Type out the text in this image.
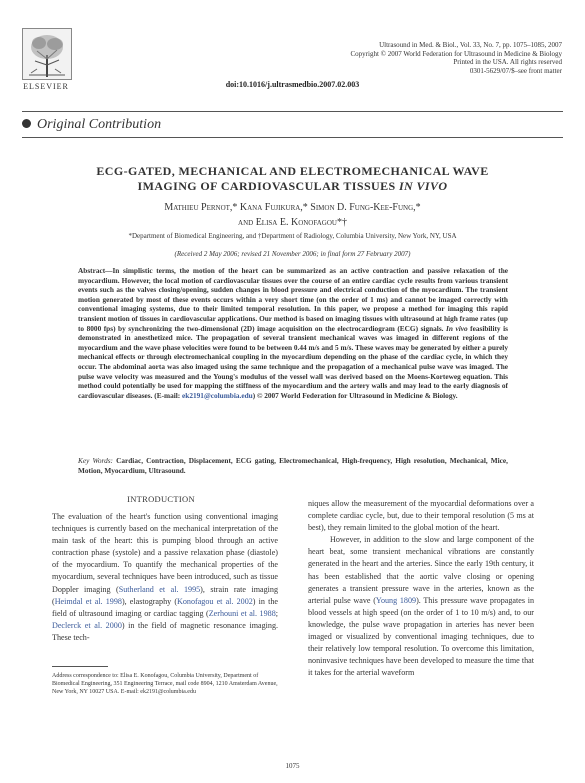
ELSEVIER
Ultrasound in Med. & Biol., Vol. 33, No. 7, pp. 1075–1085, 2007
Copyright © 2007 World Federation for Ultrasound in Medicine & Biology
Printed in the USA. All rights reserved
0301-5629/07/$–see front matter
doi:10.1016/j.ultrasmedbio.2007.02.003
Original Contribution
ECG-GATED, MECHANICAL AND ELECTROMECHANICAL WAVE
IMAGING OF CARDIOVASCULAR TISSUES IN VIVO
Mathieu Pernot,* Kana Fujikura,* Simon D. Fung-Kee-Fung,*
and Elisa E. Konofagou*†
*Department of Biomedical Engineering, and †Department of Radiology, Columbia University, New York, NY, USA
(Received 2 May 2006; revised 21 November 2006; in final form 27 February 2007)
Abstract—In simplistic terms, the motion of the heart can be summarized as an active contraction and passive relaxation of the myocardium. However, the local motion of cardiovascular tissues over the course of an entire cardiac cycle results from various transient events such as the valves closing/opening, sudden changes in blood pressure and electrical conduction of the myocardium. The transient motion generated by most of these events occurs within a very short time (on the order of 1 ms) and cannot be imaged correctly with conventional imaging systems, due to their limited temporal resolution. In this paper, we propose a method for imaging this rapid transient motion of tissues in cardiovascular applications. Our method is based on imaging tissues with ultrasound at high frame rates (up to 8000 fps) by synchronizing the two-dimensional (2D) image acquisition on the electrocardiogram (ECG) signals. In vivo feasibility is demonstrated in anesthetized mice. The propagation of several transient mechanical waves was imaged in different regions of the myocardium and the wave phase velocities were found to be between 0.44 m/s and 5 m/s. These waves may be generated by either a purely mechanical effects or through electromechanical coupling in the myocardium depending on the phase of the cardiac cycle, in which they occur. The abdominal aorta was also imaged using the same technique and the propagation of a mechanical pulse wave was imaged. The pulse wave velocity was measured and the Young's modulus of the vessel wall was derived based on the Moens-Korteweg equation. This method could potentially be used for mapping the stiffness of the myocardium and the artery walls and may lead to the early diagnosis of cardiovascular diseases. (E-mail: ek2191@columbia.edu) © 2007 World Federation for Ultrasound in Medicine & Biology.
Key Words: Cardiac, Contraction, Displacement, ECG gating, Electromechanical, High-frequency, High resolution, Mechanical, Mice, Motion, Myocardium, Ultrasound.
INTRODUCTION

The evaluation of the heart's function using conventional imaging techniques is currently based on the mechanical interpretation of the main task of the heart: this is pumping blood through an active contraction phase (systole) and a passive relaxation phase (diastole) of the myocardium. To quantify the mechanical properties of the myocardium, several techniques have been introduced, such as tissue Doppler imaging (Sutherland et al. 1995), strain rate imaging (Heimdal et al. 1998), elastography (Konofagou et al. 2002) in the field of ultrasound imaging or cardiac tagging (Zerhouni et al. 1988; Declerck et al. 2000) in the field of magnetic resonance imaging. These tech-

niques allow the measurement of the myocardial deformations over a complete cardiac cycle, but, due to their temporal resolution (5 ms at best), they remain limited to the global motion of the heart.

However, in addition to the slow and large component of the heart beat, some transient mechanical vibrations are constantly generated in the heart and the arteries. Since the early 19th century, it has been established that the aortic valve closing or opening generates a transient pressure wave in the arteries, known as the arterial pulse wave (Young 1809). This pressure wave propagates in blood vessels at high speed (on the order of 1 to 10 m/s) and, to our knowledge, the pulse wave propagation in arteries has never been imaged or visualized by conventional imaging techniques, due to their relatively low temporal resolution. To overcome this limitation, noninvasive techniques have been developed to measure the time that it takes for the arterial waveform

Address correspondence to: Elisa E. Konofagou, Columbia University, Department of Biomedical Engineering, 351 Engineering Terrace, mail code 8904, 1210 Amsterdam Avenue, New York, NY 10027 USA. E-mail: ek2191@columbia.edu
1075
